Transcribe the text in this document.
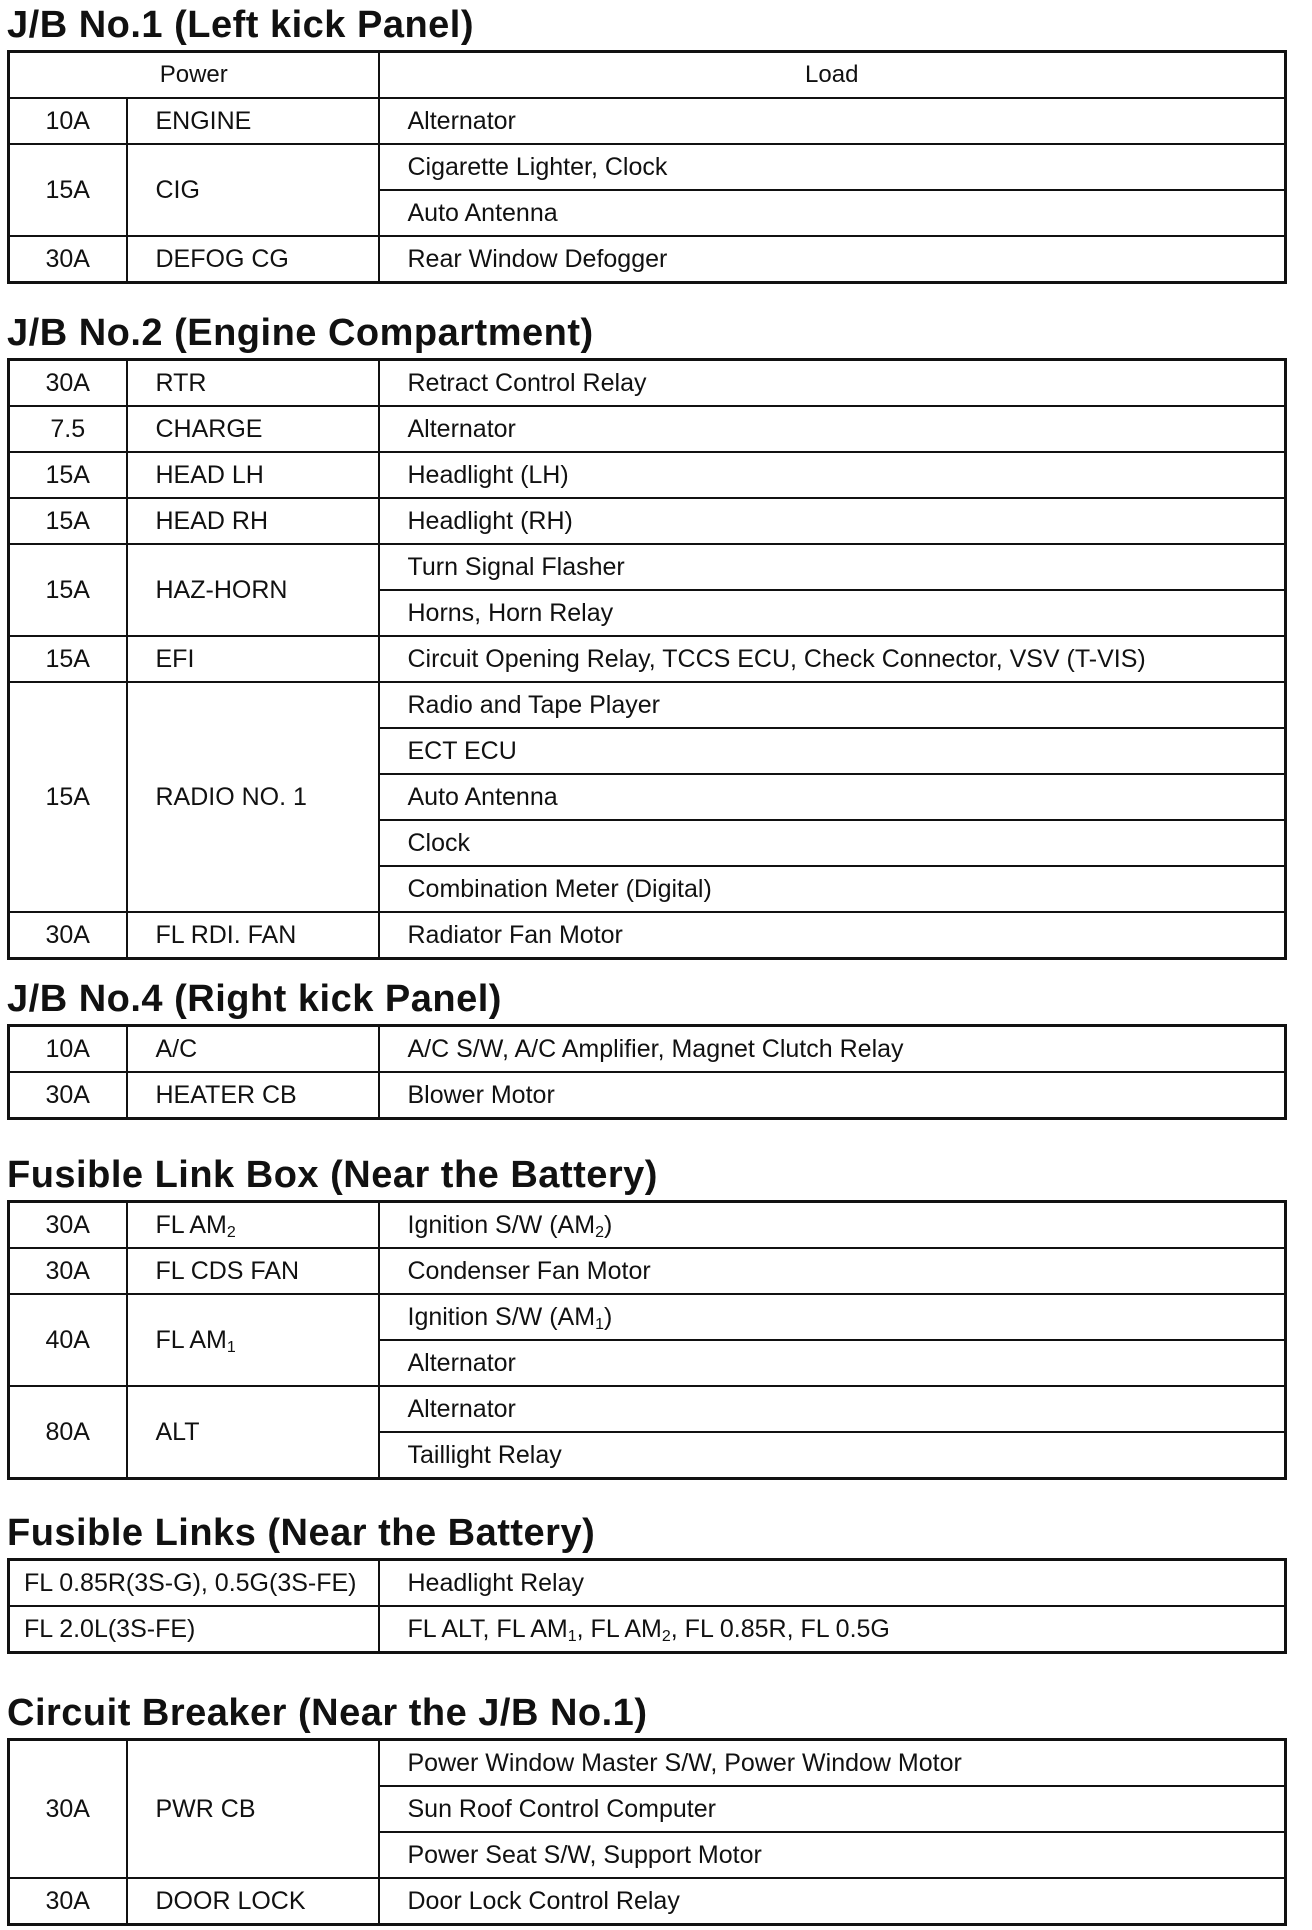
J/B No.1 (Left kick Panel)
Power		Load
10A	ENGINE	Alternator
15A	CIG	Cigarette Lighter, Clock
		Auto Antenna
30A	DEFOG CG	Rear Window Defogger
J/B No.2 (Engine Compartment)
30A	RTR	Retract Control Relay
7.5	CHARGE	Alternator
15A	HEAD LH	Headlight (LH)
15A	HEAD RH	Headlight (RH)
15A	HAZ-HORN	Turn Signal Flasher
		Horns, Horn Relay
15A	EFI	Circuit Opening Relay, TCCS ECU, Check Connector, VSV (T-VIS)
15A	RADIO NO. 1	Radio and Tape Player
		ECT ECU
		Auto Antenna
		Clock
		Combination Meter (Digital)
30A	FL RDI. FAN	Radiator Fan Motor
J/B No.4 (Right kick Panel)
10A	A/C	A/C S/W, A/C Amplifier, Magnet Clutch Relay
30A	HEATER CB	Blower Motor
Fusible Link Box (Near the Battery)
30A	FL $AM_2$	Ignition S/W $(AM_2)$
30A	FL CDS FAN	Condenser Fan Motor
40A	FL $AM_1$	Ignition S/W $(AM_1)$
		Alternator
80A	ALT	Alternator
		Taillight Relay
Fusible Links (Near the Battery)
FL 0.85R(3S-G), 0.5G(3S-FE)	Headlight Relay
FL 2.0L(3S-FE)	FL ALT, FL $AM_1$, FL $AM_2$, FL 0.85R, FL 0.5G
Circuit Breaker (Near the J/B No.1)
30A	PWR CB	Power Window Master S/W, Power Window Motor
		Sun Roof Control Computer
		Power Seat S/W, Support Motor
30A	DOOR LOCK	Door Lock Control Relay
